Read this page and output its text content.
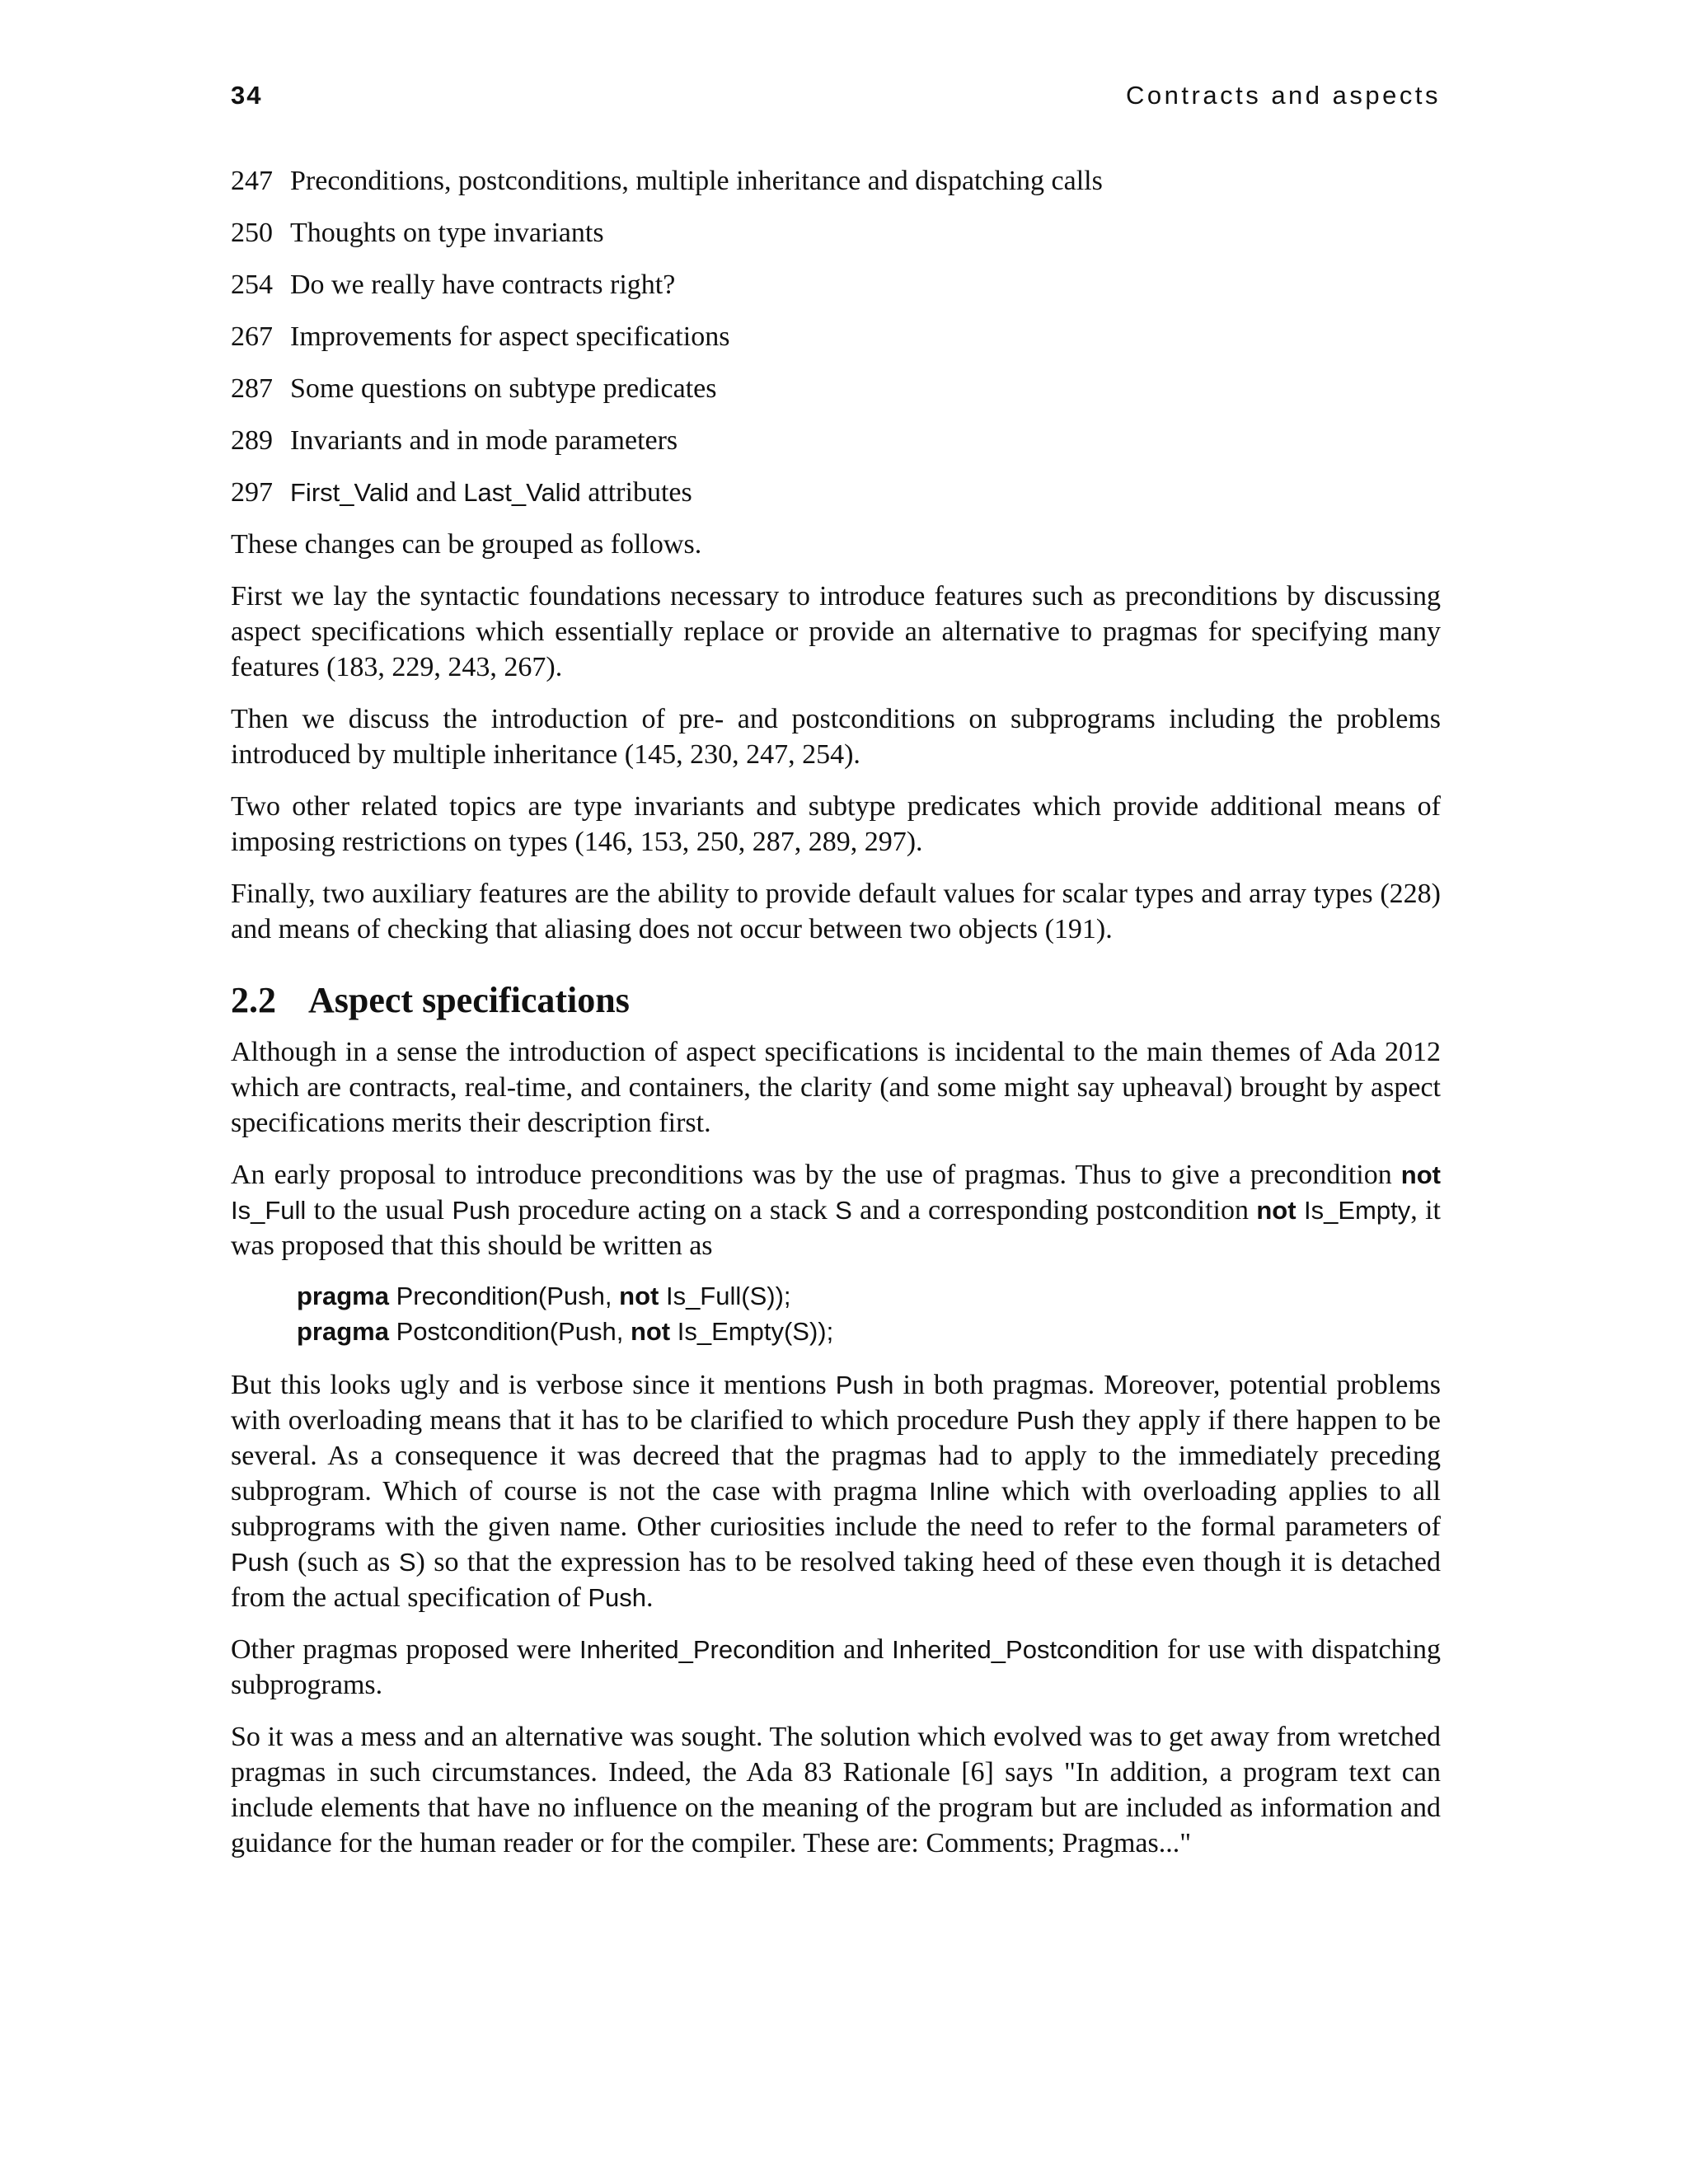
34	Contracts and aspects
247 Preconditions, postconditions, multiple inheritance and dispatching calls
250 Thoughts on type invariants
254 Do we really have contracts right?
267 Improvements for aspect specifications
287 Some questions on subtype predicates
289 Invariants and in mode parameters
297 First_Valid and Last_Valid attributes

These changes can be grouped as follows.

First we lay the syntactic foundations necessary to introduce features such as preconditions by discussing aspect specifications which essentially replace or provide an alternative to pragmas for specifying many features (183, 229, 243, 267).

Then we discuss the introduction of pre- and postconditions on subprograms including the problems introduced by multiple inheritance (145, 230, 247, 254).

Two other related topics are type invariants and subtype predicates which provide additional means of imposing restrictions on types (146, 153, 250, 287, 289, 297).

Finally, two auxiliary features are the ability to provide default values for scalar types and array types (228) and means of checking that aliasing does not occur between two objects (191).

2.2 Aspect specifications

Although in a sense the introduction of aspect specifications is incidental to the main themes of Ada 2012 which are contracts, real-time, and containers, the clarity (and some might say upheaval) brought by aspect specifications merits their description first.

An early proposal to introduce preconditions was by the use of pragmas. Thus to give a precondition not Is_Full to the usual Push procedure acting on a stack S and a corresponding postcondition not Is_Empty, it was proposed that this should be written as

pragma Precondition(Push, not Is_Full(S));
pragma Postcondition(Push, not Is_Empty(S));

But this looks ugly and is verbose since it mentions Push in both pragmas. Moreover, potential problems with overloading means that it has to be clarified to which procedure Push they apply if there happen to be several. As a consequence it was decreed that the pragmas had to apply to the immediately preceding subprogram. Which of course is not the case with pragma Inline which with overloading applies to all subprograms with the given name. Other curiosities include the need to refer to the formal parameters of Push (such as S) so that the expression has to be resolved taking heed of these even though it is detached from the actual specification of Push.

Other pragmas proposed were Inherited_Precondition and Inherited_Postcondition for use with dispatching subprograms.

So it was a mess and an alternative was sought. The solution which evolved was to get away from wretched pragmas in such circumstances. Indeed, the Ada 83 Rationale [6] says "In addition, a program text can include elements that have no influence on the meaning of the program but are included as information and guidance for the human reader or for the compiler. These are: Comments; Pragmas..."
